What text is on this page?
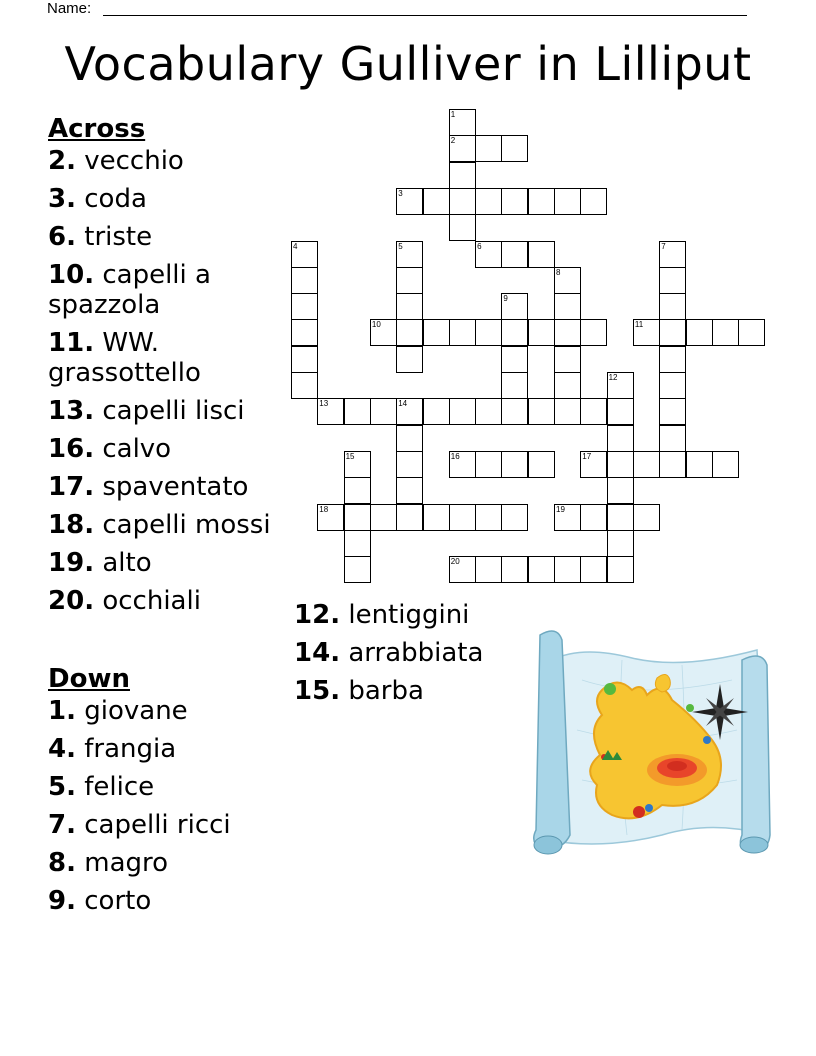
Name:
Vocabulary Gulliver in Lilliput
1
2
3
4	5	6	7
8
9
10	11
12
13	14
15	16	17
18	19
20
Across
2. vecchio
3. coda
6. triste
10. capelli a spazzola
11. WW. grassottello
13. capelli lisci
16. calvo
17. spaventato
18. capelli mossi
19. alto
20. occhiali
Down
1. giovane
4. frangia
5. felice
7. capelli ricci
8. magro
9. corto
12. lentiggini
14. arrabbiata
15. barba
